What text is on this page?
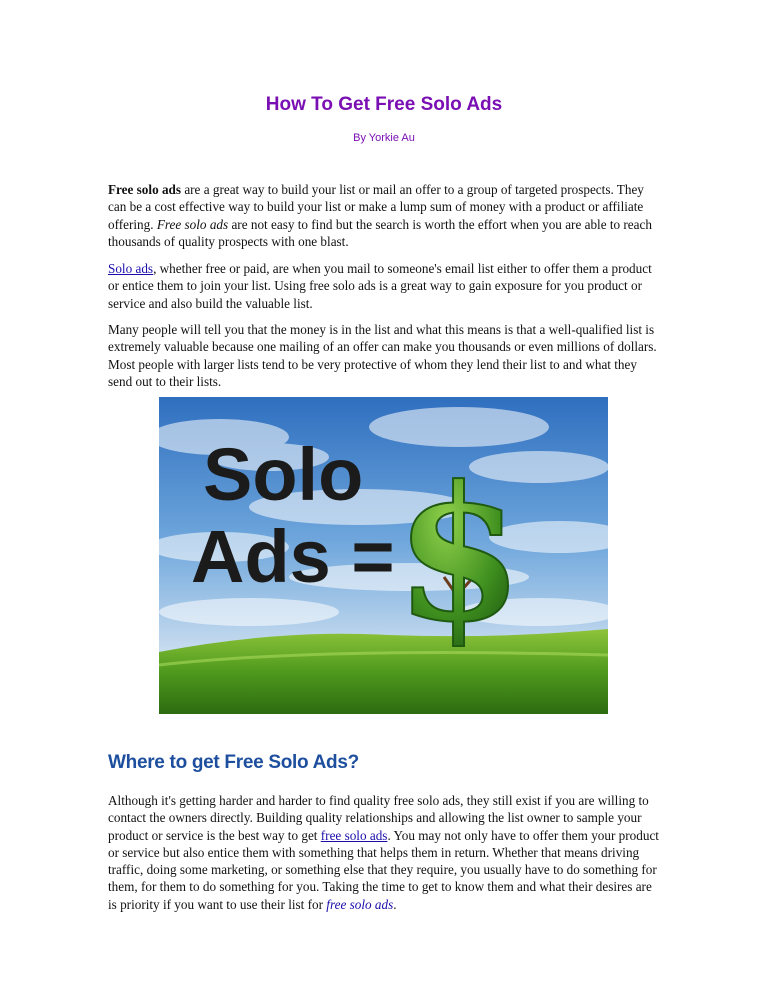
How To Get Free Solo Ads
By Yorkie Au

Free solo ads are a great way to build your list or mail an offer to a group of targeted prospects. They can be a cost effective way to build your list or make a lump sum of money with a product or affiliate offering. Free solo ads are not easy to find but the search is worth the effort when you are able to reach thousands of quality prospects with one blast.

Solo ads, whether free or paid, are when you mail to someone's email list either to offer them a product or entice them to join your list. Using free solo ads is a great way to gain exposure for you product or service and also build the valuable list.

Many people will tell you that the money is in the list and what this means is that a well-qualified list is extremely valuable because one mailing of an offer can make you thousands or even millions of dollars. Most people with larger lists tend to be very protective of whom they lend their list to and what they send out to their lists.

$
Solo
Ads =
Where to get Free Solo Ads?

Although it's getting harder and harder to find quality free solo ads, they still exist if you are willing to contact the owners directly. Building quality relationships and allowing the list owner to sample your product or service is the best way to get free solo ads. You may not only have to offer them your product or service but also entice them with something that helps them in return. Whether that means driving traffic, doing some marketing, or something else that they require, you usually have to do something for them, for them to do something for you. Taking the time to get to know them and what their desires are is priority if you want to use their list for free solo ads.
